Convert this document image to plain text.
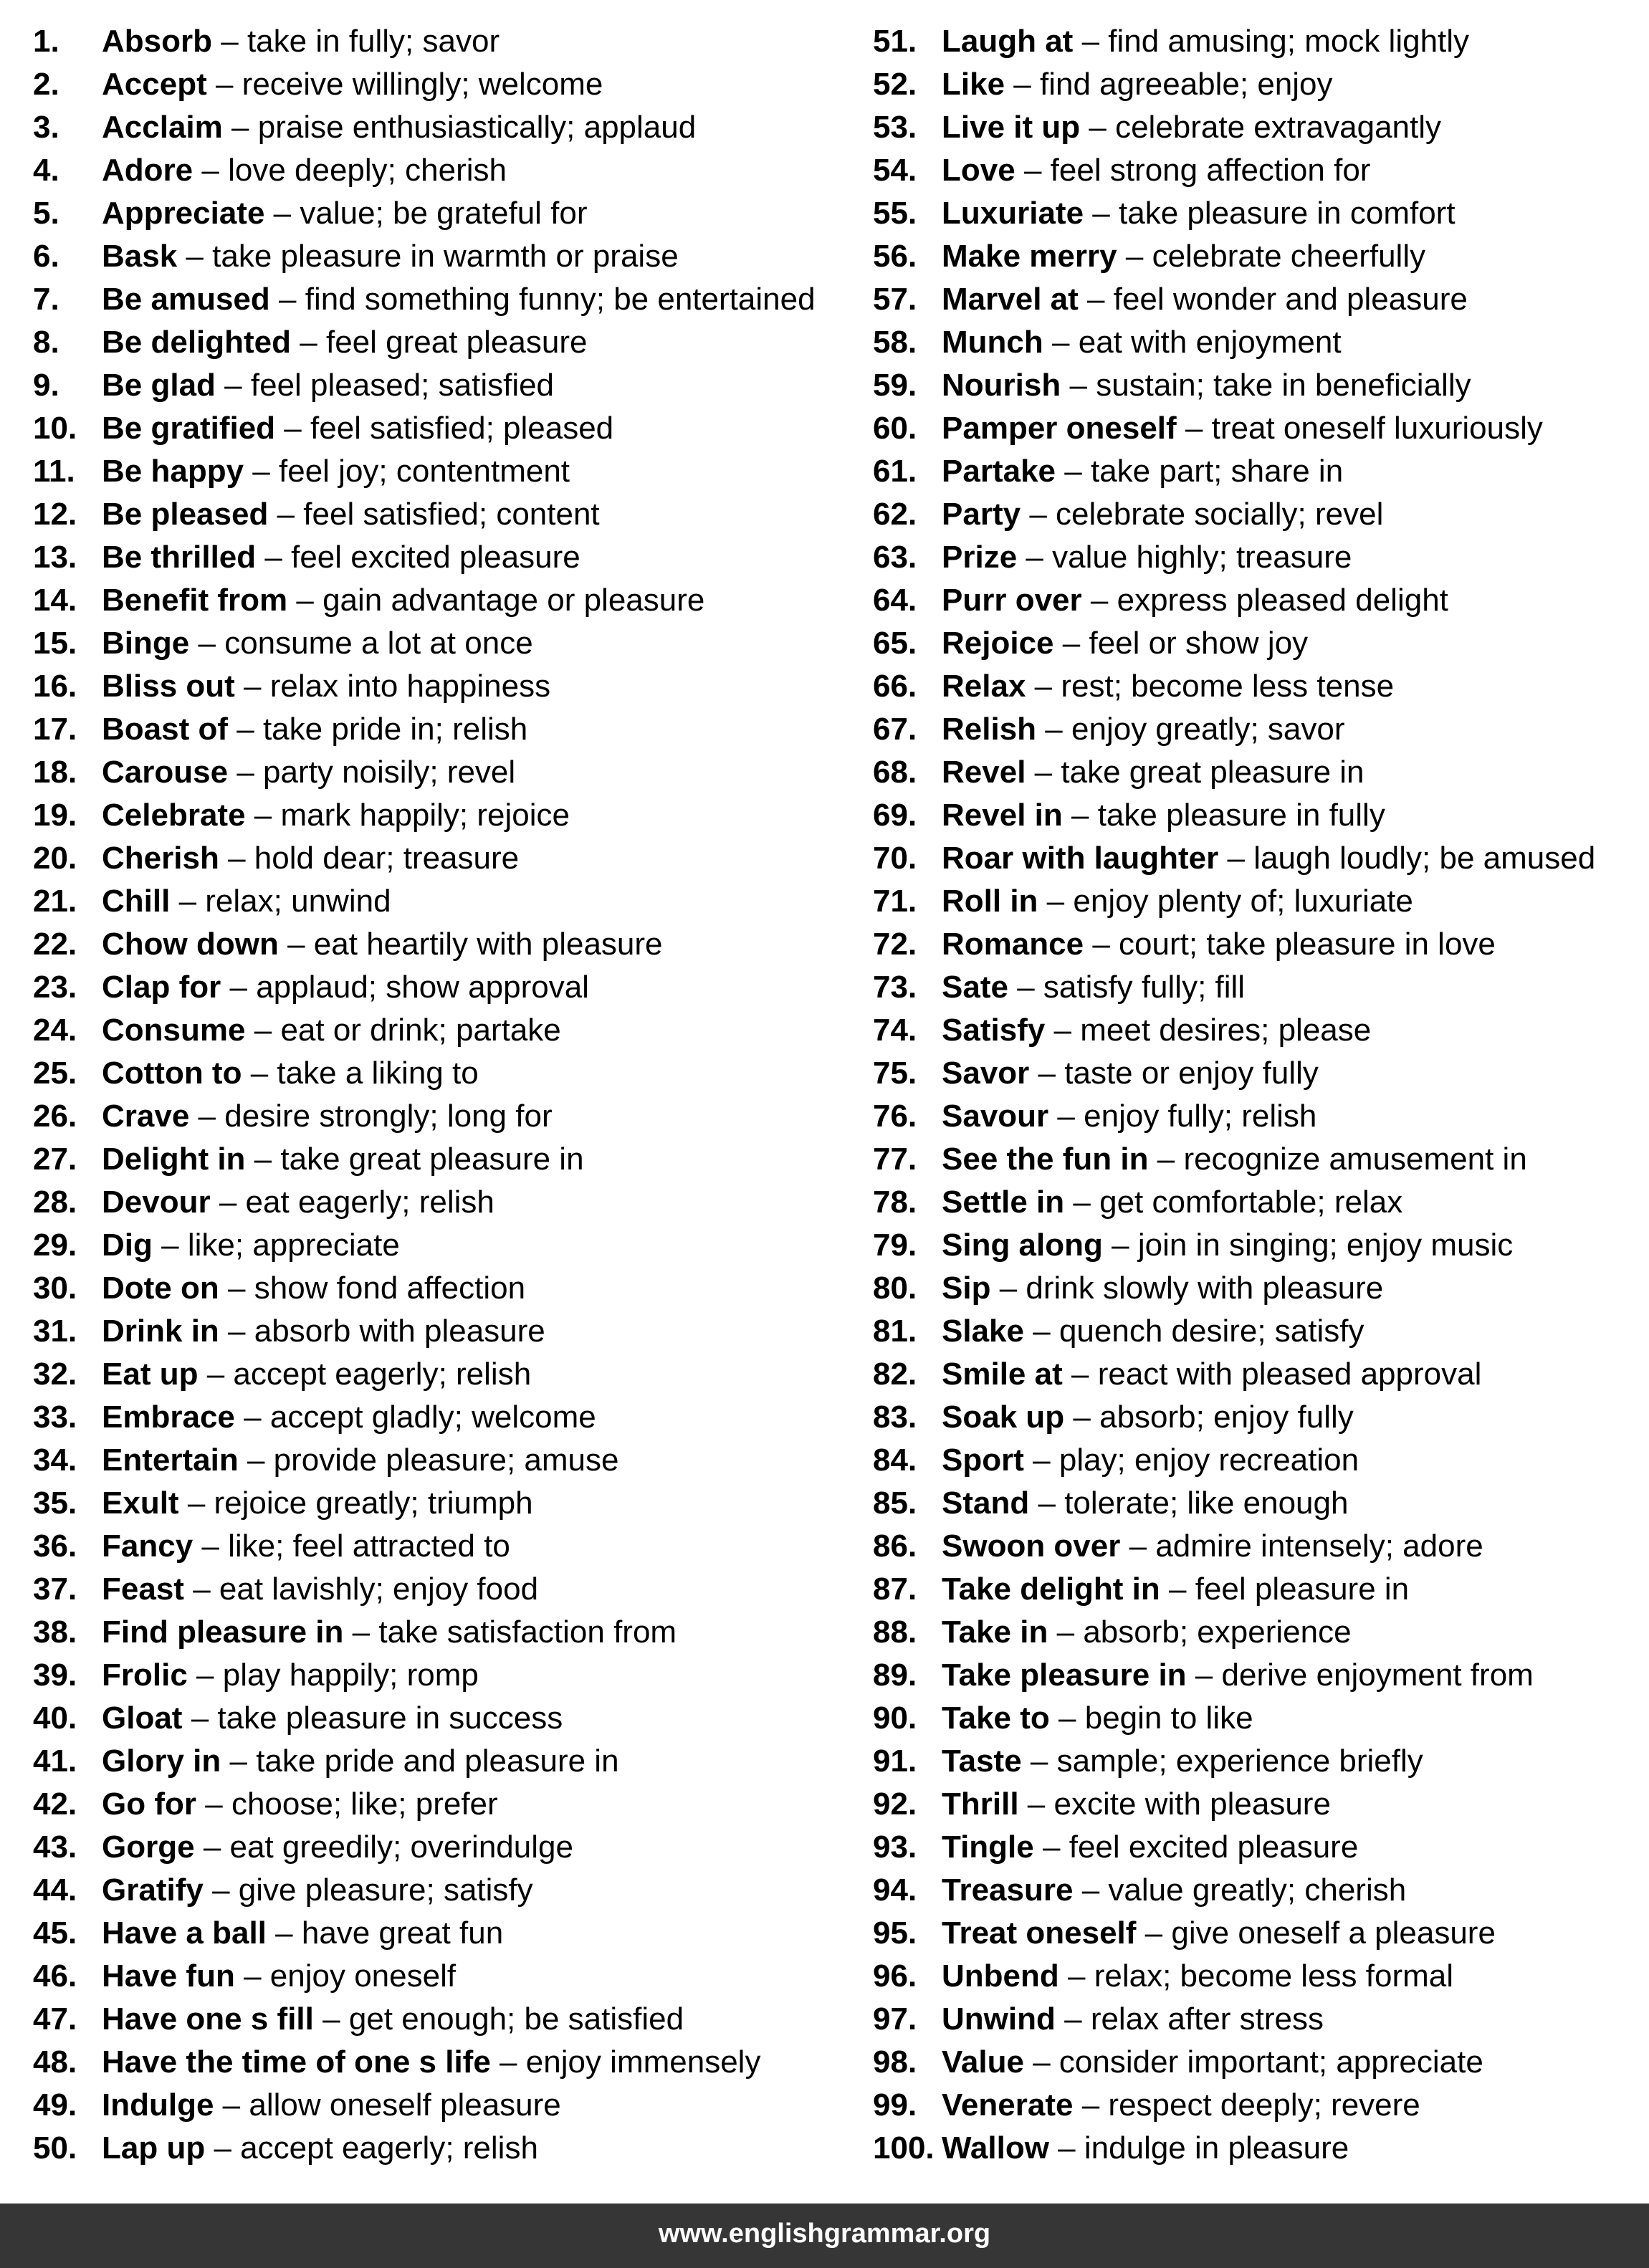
1. Absorb – take in fully; savor
2. Accept – receive willingly; welcome
3. Acclaim – praise enthusiastically; applaud
4. Adore – love deeply; cherish
5. Appreciate – value; be grateful for
6. Bask – take pleasure in warmth or praise
7. Be amused – find something funny; be entertained
8. Be delighted – feel great pleasure
9. Be glad – feel pleased; satisfied
10. Be gratified – feel satisfied; pleased
11. Be happy – feel joy; contentment
12. Be pleased – feel satisfied; content
13. Be thrilled – feel excited pleasure
14. Benefit from – gain advantage or pleasure
15. Binge – consume a lot at once
16. Bliss out – relax into happiness
17. Boast of – take pride in; relish
18. Carouse – party noisily; revel
19. Celebrate – mark happily; rejoice
20. Cherish – hold dear; treasure
21. Chill – relax; unwind
22. Chow down – eat heartily with pleasure
23. Clap for – applaud; show approval
24. Consume – eat or drink; partake
25. Cotton to – take a liking to
26. Crave – desire strongly; long for
27. Delight in – take great pleasure in
28. Devour – eat eagerly; relish
29. Dig – like; appreciate
30. Dote on – show fond affection
31. Drink in – absorb with pleasure
32. Eat up – accept eagerly; relish
33. Embrace – accept gladly; welcome
34. Entertain – provide pleasure; amuse
35. Exult – rejoice greatly; triumph
36. Fancy – like; feel attracted to
37. Feast – eat lavishly; enjoy food
38. Find pleasure in – take satisfaction from
39. Frolic – play happily; romp
40. Gloat – take pleasure in success
41. Glory in – take pride and pleasure in
42. Go for – choose; like; prefer
43. Gorge – eat greedily; overindulge
44. Gratify – give pleasure; satisfy
45. Have a ball – have great fun
46. Have fun – enjoy oneself
47. Have one s fill – get enough; be satisfied
48. Have the time of one s life – enjoy immensely
49. Indulge – allow oneself pleasure
50. Lap up – accept eagerly; relish
51. Laugh at – find amusing; mock lightly
52. Like – find agreeable; enjoy
53. Live it up – celebrate extravagantly
54. Love – feel strong affection for
55. Luxuriate – take pleasure in comfort
56. Make merry – celebrate cheerfully
57. Marvel at – feel wonder and pleasure
58. Munch – eat with enjoyment
59. Nourish – sustain; take in beneficially
60. Pamper oneself – treat oneself luxuriously
61. Partake – take part; share in
62. Party – celebrate socially; revel
63. Prize – value highly; treasure
64. Purr over – express pleased delight
65. Rejoice – feel or show joy
66. Relax – rest; become less tense
67. Relish – enjoy greatly; savor
68. Revel – take great pleasure in
69. Revel in – take pleasure in fully
70. Roar with laughter – laugh loudly; be amused
71. Roll in – enjoy plenty of; luxuriate
72. Romance – court; take pleasure in love
73. Sate – satisfy fully; fill
74. Satisfy – meet desires; please
75. Savor – taste or enjoy fully
76. Savour – enjoy fully; relish
77. See the fun in – recognize amusement in
78. Settle in – get comfortable; relax
79. Sing along – join in singing; enjoy music
80. Sip – drink slowly with pleasure
81. Slake – quench desire; satisfy
82. Smile at – react with pleased approval
83. Soak up – absorb; enjoy fully
84. Sport – play; enjoy recreation
85. Stand – tolerate; like enough
86. Swoon over – admire intensely; adore
87. Take delight in – feel pleasure in
88. Take in – absorb; experience
89. Take pleasure in – derive enjoyment from
90. Take to – begin to like
91. Taste – sample; experience briefly
92. Thrill – excite with pleasure
93. Tingle – feel excited pleasure
94. Treasure – value greatly; cherish
95. Treat oneself – give oneself a pleasure
96. Unbend – relax; become less formal
97. Unwind – relax after stress
98. Value – consider important; appreciate
99. Venerate – respect deeply; revere
100. Wallow – indulge in pleasure
www.englishgrammar.org
